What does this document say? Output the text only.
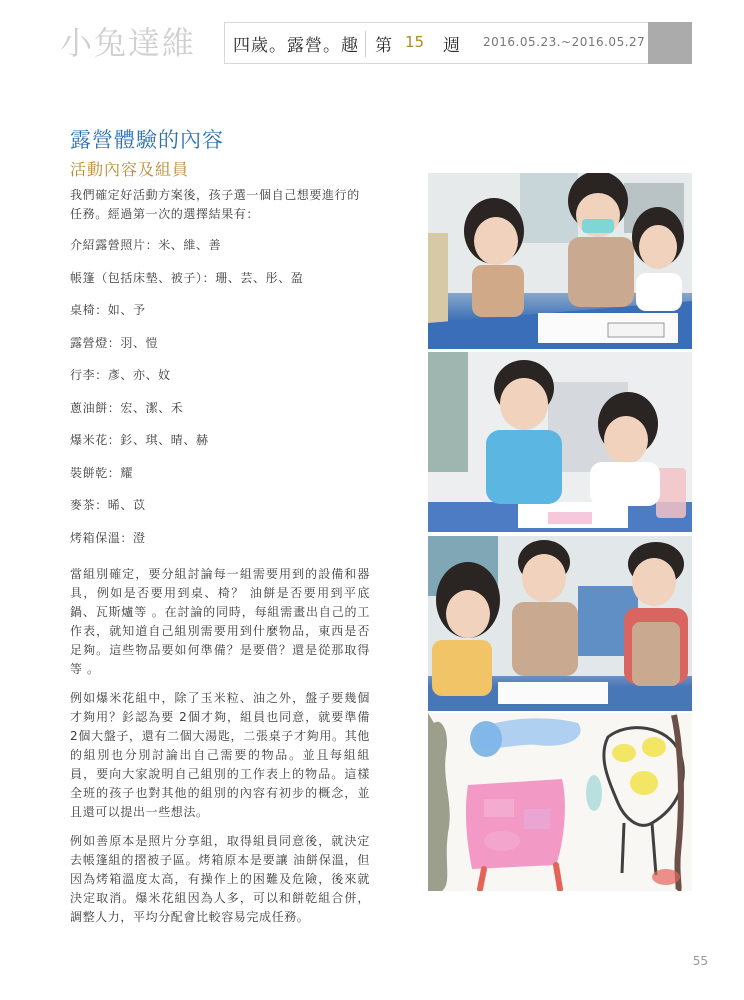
小兔達維 四歲。露營。趣 第 15 週 2016.05.23.~2016.05.27
露營體驗的內容
活動內容及組員

我們確定好活動方案後，孩子選一個自己想要進行的任務。經過第一次的選擇結果有：

介紹露營照片：米、維、善

帳篷（包括床墊、被子）：珊、芸、彤、盈

桌椅：如、予

露營燈：羽、愷

行李：彥、亦、妏

蔥油餅：宏、潔、禾

爆米花：釤、琪、晴、赫

裝餅乾：耀

麥茶：晞、苡

烤箱保溫：澄

當組別確定，要分組討論每一組需要用到的設備和器具，例如是否要用到桌、椅？ 油餅是否要用到平底鍋、瓦斯爐等 。在討論的同時，每組需畫出自己的工作表，就知道自己組別需要用到什麼物品，東西是否足夠。這些物品要如何準備？是要借？還是從那取得等 。

例如爆米花組中，除了玉米粒、油之外，盤子要幾個才夠用？釤認為要 2個才夠，組員也同意，就要準備 2個大盤子，還有二個大湯匙，二張桌子才夠用。其他的組別也分別討論出自己需要的物品。並且每組組員，要向大家說明自己組別的工作表上的物品。這樣全班的孩子也對其他的組別的內容有初步的概念，並且還可以提出一些想法。

例如善原本是照片分享組，取得組員同意後，就決定去帳篷組的摺被子區。烤箱原本是要讓 油餅保溫，但因為烤箱溫度太高，有操作上的困難及危險，後來就決定取消。爆米花組因為人多，可以和餅乾組合併，調整人力，平均分配會比較容易完成任務。

55
